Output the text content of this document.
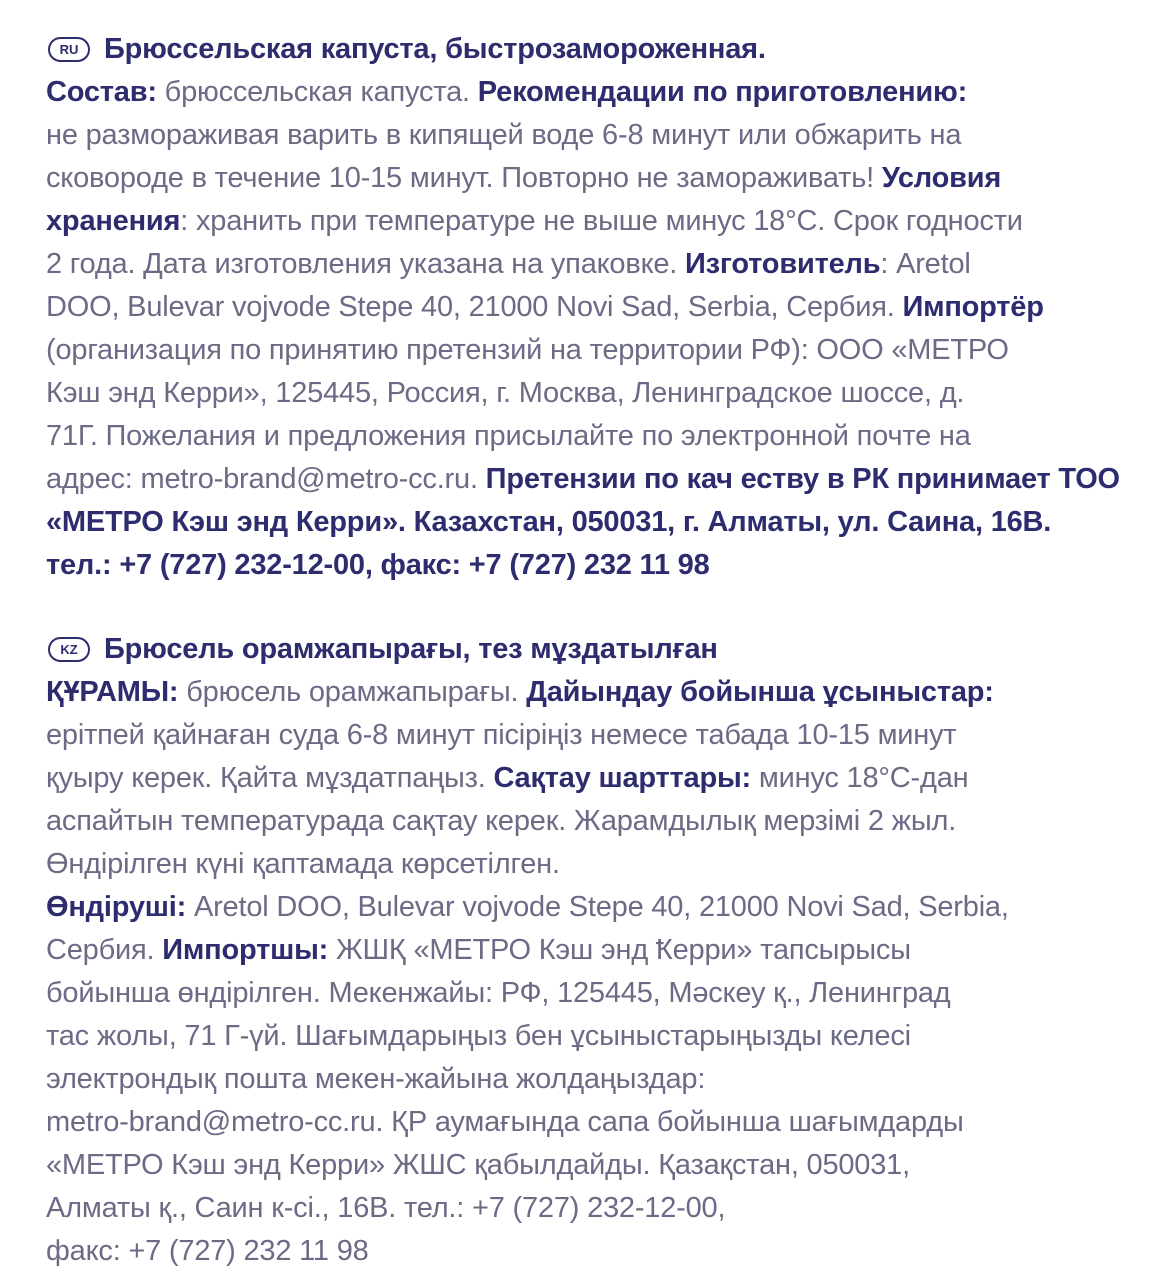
RU Брюссельская капуста, быстрозамороженная.
Состав: брюссельская капуста. Рекомендации по приготовлению:
не размораживая варить в кипящей воде 6-8 минут или обжарить на
сковороде в течение 10-15 минут. Повторно не замораживать! Условия
хранения: хранить при температуре не выше минус 18°С. Срок годности
2 года. Дата изготовления указана на упаковке. Изготовитель: Aretol
DOO, Bulevar vojvode Stepe 40, 21000 Novi Sad, Serbia, Сербия. Импортёр
(организация по принятию претензий на территории РФ): ООО «МЕТРО
Кэш энд Керри», 125445, Россия, г. Москва, Ленинградское шоссе, д.
71Г. Пожелания и предложения присылайте по электронной почте на
адрес: metro-brand@metro-cc.ru. Претензии по кач еству в РК принимает ТОО
«МЕТРО Кэш энд Керри». Казахстан, 050031, г. Алматы, ул. Саина, 16В.
тел.: +7 (727) 232-12-00, факс: +7 (727) 232 11 98
KZ Брюсель орамжапырағы, тез мұздатылған
ҚҰРАМЫ: брюсель орамжапырағы. Дайындау бойынша ұсыныстар:
ерітпей қайнаған суда 6-8 минут пісіріңіз немесе табада 10-15 минут
қуыру керек. Қайта мұздатпаңыз. Сақтау шарттары: минус 18°С-дан
аспайтын температурада сақтау керек. Жарамдылық мерзімі 2 жыл.
Өндірілген күні қаптамада көрсетілген.
Өндіруші: Aretol DOO, Bulevar vojvode Stepe 40, 21000 Novi Sad, Serbia,
Сербия. Импортшы: ЖШҚ «МЕТРО Кэш энд Ҟерри» тапсырысы
бойынша өндірілген. Мекенжайы: РФ, 125445, Мәскеу қ., Ленинград
тас жолы, 71 Г-үй. Шағымдарыңыз бен ұсыныстарыңызды келесі
электрондық пошта мекен-жайына жолдаңыздар:
metro-brand@metro-cc.ru. ҚР аумағында сапа бойынша шағымдарды
«МЕТРО Кэш энд Керри» ЖШС қабылдайды. Қазақстан, 050031,
Алматы қ., Саин к-сі., 16В. тел.: +7 (727) 232-12-00,
факс: +7 (727) 232 11 98
